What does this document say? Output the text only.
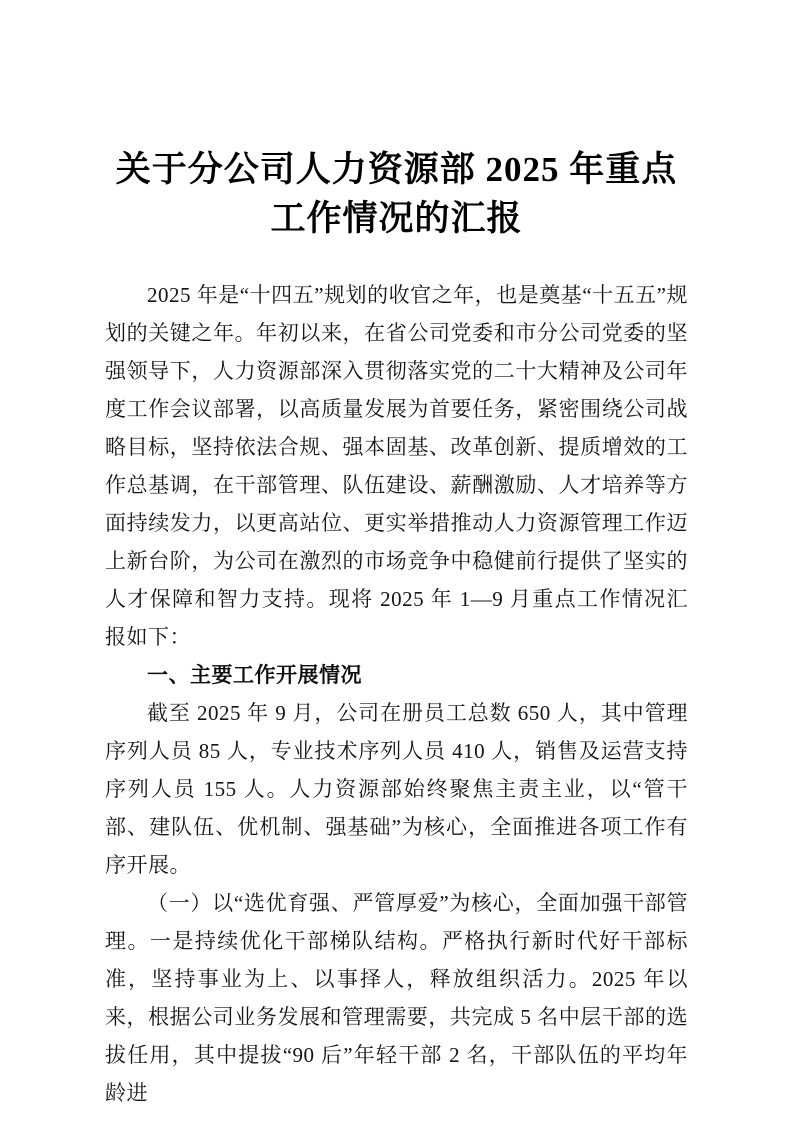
关于分公司人力资源部 2025 年重点
工作情况的汇报

2025 年是“十四五”规划的收官之年，也是奠基“十五五”规划的关键之年。年初以来，在省公司党委和市分公司党委的坚强领导下，人力资源部深入贯彻落实党的二十大精神及公司年度工作会议部署，以高质量发展为首要任务，紧密围绕公司战略目标，坚持依法合规、强本固基、改革创新、提质增效的工作总基调，在干部管理、队伍建设、薪酬激励、人才培养等方面持续发力，以更高站位、更实举措推动人力资源管理工作迈上新台阶，为公司在激烈的市场竞争中稳健前行提供了坚实的人才保障和智力支持。现将 2025 年 1—9 月重点工作情况汇报如下：

一、主要工作开展情况

截至 2025 年 9 月，公司在册员工总数 650 人，其中管理序列人员 85 人，专业技术序列人员 410 人，销售及运营支持序列人员 155 人。人力资源部始终聚焦主责主业，以“管干部、建队伍、优机制、强基础”为核心，全面推进各项工作有序开展。

（一）以“选优育强、严管厚爱”为核心，全面加强干部管理。一是持续优化干部梯队结构。严格执行新时代好干部标准，坚持事业为上、以事择人，释放组织活力。2025 年以来，根据公司业务发展和管理需要，共完成 5 名中层干部的选拔任用，其中提拔“90 后”年轻干部 2 名，干部队伍的平均年龄进
